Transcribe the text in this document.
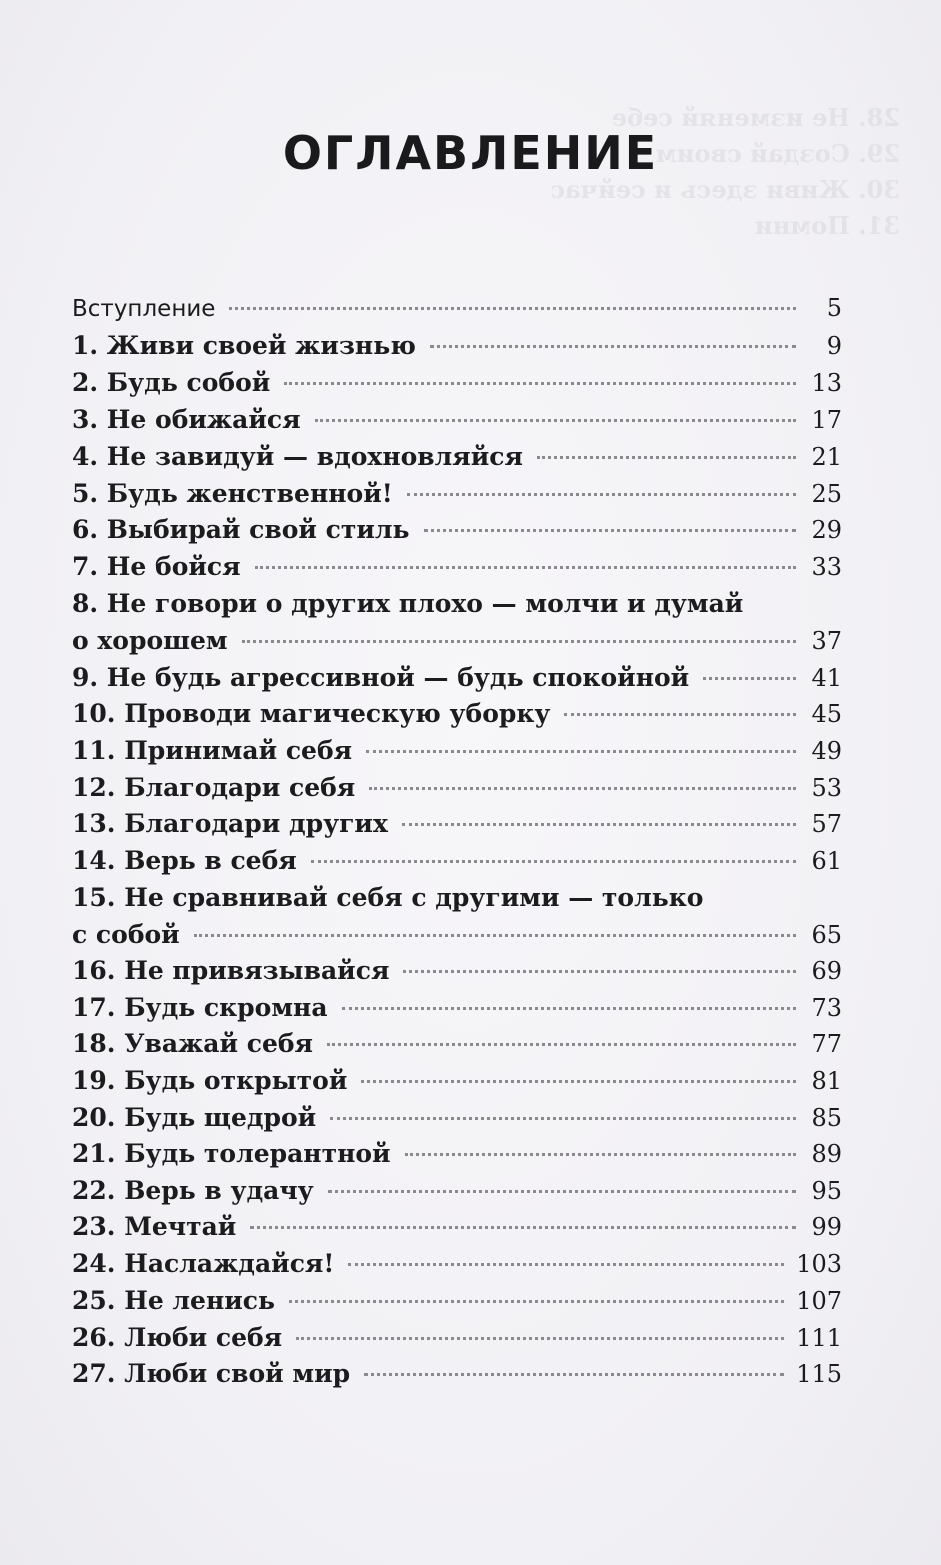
28. Не изменяй себе
29. Создай своим
30. Живи здесь и сейчас
31. Помни
ОГЛАВЛЕНИЕ
Вступление	5
1. Живи своей жизнью	9
2. Будь собой	13
3. Не обижайся	17
4. Не завидуй — вдохновляйся	21
5. Будь женственной!	25
6. Выбирай свой стиль	29
7. Не бойся	33
8. Не говори о других плохо — молчи и думай
о хорошем	37
9. Не будь агрессивной — будь спокойной	41
10. Проводи магическую уборку	45
11. Принимай себя	49
12. Благодари себя	53
13. Благодари других	57
14. Верь в себя	61
15. Не сравнивай себя с другими — только
с собой	65
16. Не привязывайся	69
17. Будь скромна	73
18. Уважай себя	77
19. Будь открытой	81
20. Будь щедрой	85
21. Будь толерантной	89
22. Верь в удачу	95
23. Мечтай	99
24. Наслаждайся!	103
25. Не ленись	107
26. Люби себя	111
27. Люби свой мир	115
